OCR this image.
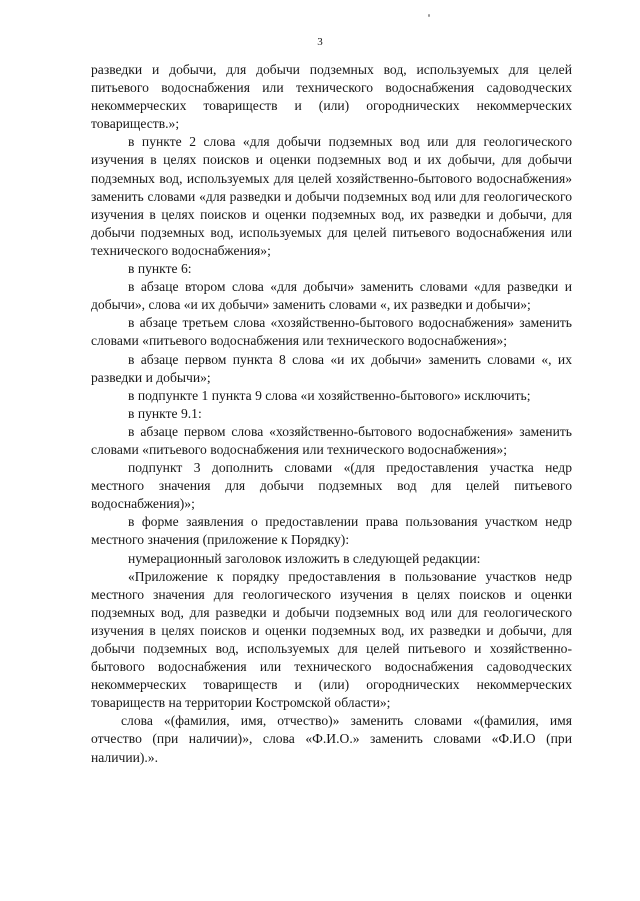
3

разведки и добычи, для добычи подземных вод, используемых для целей питьевого водоснабжения или технического водоснабжения садоводческих некоммерческих товариществ и (или) огороднических некоммерческих товариществ.»;

в пункте 2 слова «для добычи подземных вод или для геологического изучения в целях поисков и оценки подземных вод и их добычи, для добычи подземных вод, используемых для целей хозяйственно-бытового водоснабжения» заменить словами «для разведки и добычи подземных вод или для геологического изучения в целях поисков и оценки подземных вод, их разведки и добычи, для добычи подземных вод, используемых для целей питьевого водоснабжения или технического водоснабжения»;

в пункте 6:

в абзаце втором слова «для добычи» заменить словами «для разведки и добычи», слова «и их добычи» заменить словами «, их разведки и добычи»;

в абзаце третьем слова «хозяйственно-бытового водоснабжения» заменить словами «питьевого водоснабжения или технического водоснабжения»;

в абзаце первом пункта 8 слова «и их добычи» заменить словами «, их разведки и добычи»;

в подпункте 1 пункта 9 слова «и хозяйственно-бытового» исключить;

в пункте 9.1:

в абзаце первом слова «хозяйственно-бытового водоснабжения» заменить словами «питьевого водоснабжения или технического водоснабжения»;

подпункт 3 дополнить словами «(для предоставления участка недр местного значения для добычи подземных вод для целей питьевого водоснабжения)»;

в форме заявления о предоставлении права пользования участком недр местного значения (приложение к Порядку):

нумерационный заголовок изложить в следующей редакции:

«Приложение к порядку предоставления в пользование участков недр местного значения для геологического изучения в целях поисков и оценки подземных вод, для разведки и добычи подземных вод или для геологического изучения в целях поисков и оценки подземных вод, их разведки и добычи, для добычи подземных вод, используемых для целей питьевого и хозяйственно-бытового водоснабжения или технического водоснабжения садоводческих некоммерческих товариществ и (или) огороднических некоммерческих товариществ на территории Костромской области»;

слова «(фамилия, имя, отчество)» заменить словами «(фамилия, имя отчество (при наличии)», слова «Ф.И.О.» заменить словами «Ф.И.О (при наличии).».
